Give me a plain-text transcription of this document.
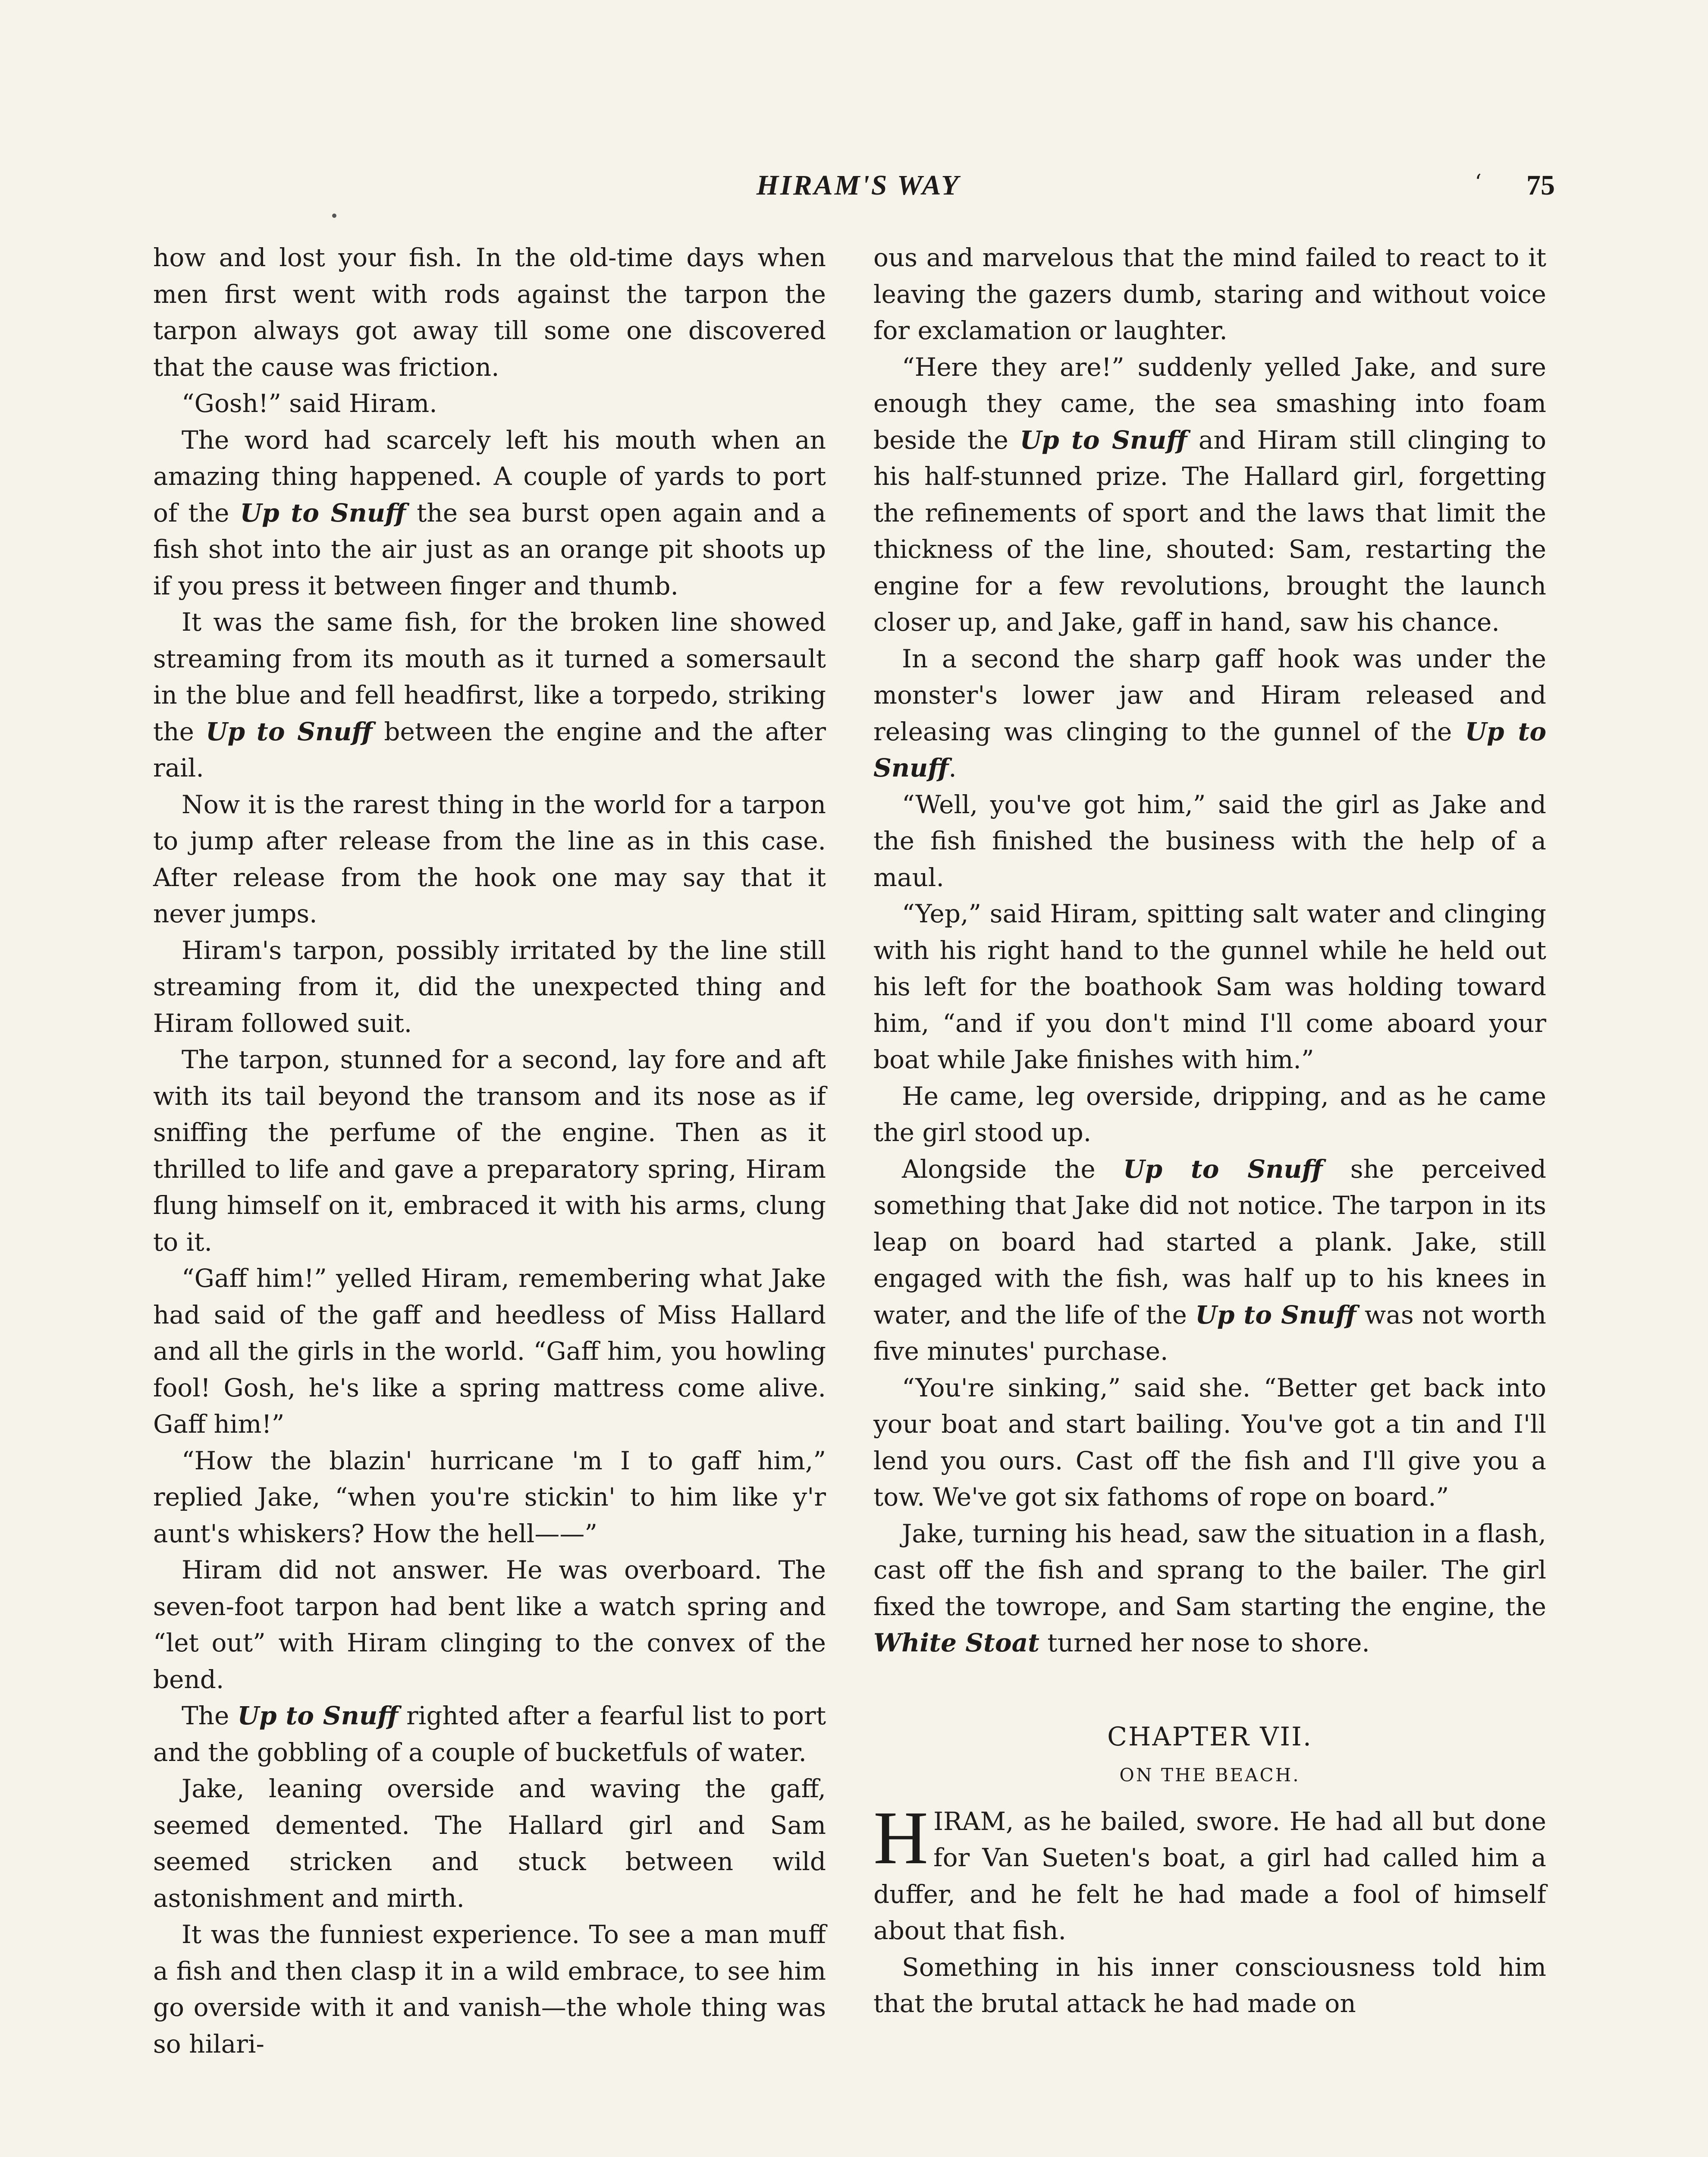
HIRAM'S WAY	‘ 75

how and lost your fish. In the old-time days when men first went with rods against the tarpon the tarpon always got away till some one discovered that the cause was friction.

“Gosh!” said Hiram.

The word had scarcely left his mouth when an amazing thing happened. A couple of yards to port of the Up to Snuff the sea burst open again and a fish shot into the air just as an orange pit shoots up if you press it between finger and thumb.

It was the same fish, for the broken line showed streaming from its mouth as it turned a somersault in the blue and fell headfirst, like a torpedo, striking the Up to Snuff between the engine and the after rail.

Now it is the rarest thing in the world for a tarpon to jump after release from the line as in this case. After release from the hook one may say that it never jumps.

Hiram's tarpon, possibly irritated by the line still streaming from it, did the unexpected thing and Hiram followed suit.

The tarpon, stunned for a second, lay fore and aft with its tail beyond the transom and its nose as if sniffing the perfume of the engine. Then as it thrilled to life and gave a preparatory spring, Hiram flung himself on it, embraced it with his arms, clung to it.

“Gaff him!” yelled Hiram, remembering what Jake had said of the gaff and heedless of Miss Hallard and all the girls in the world. “Gaff him, you howling fool! Gosh, he's like a spring mattress come alive. Gaff him!”

“How the blazin' hurricane 'm I to gaff him,” replied Jake, “when you're stickin' to him like y'r aunt's whiskers? How the hell——”

Hiram did not answer. He was overboard. The seven-foot tarpon had bent like a watch spring and “let out” with Hiram clinging to the convex of the bend.

The Up to Snuff righted after a fearful list to port and the gobbling of a couple of bucketfuls of water.

Jake, leaning overside and waving the gaff, seemed demented. The Hallard girl and Sam seemed stricken and stuck between wild astonishment and mirth.

It was the funniest experience. To see a man muff a fish and then clasp it in a wild embrace, to see him go overside with it and vanish—the whole thing was so hilari-

ous and marvelous that the mind failed to react to it leaving the gazers dumb, staring and without voice for exclamation or laughter.

“Here they are!” suddenly yelled Jake, and sure enough they came, the sea smashing into foam beside the Up to Snuff and Hiram still clinging to his half-stunned prize. The Hallard girl, forgetting the refinements of sport and the laws that limit the thickness of the line, shouted: Sam, restarting the engine for a few revolutions, brought the launch closer up, and Jake, gaff in hand, saw his chance.

In a second the sharp gaff hook was under the monster's lower jaw and Hiram released and releasing was clinging to the gunnel of the Up to Snuff.

“Well, you've got him,” said the girl as Jake and the fish finished the business with the help of a maul.

“Yep,” said Hiram, spitting salt water and clinging with his right hand to the gunnel while he held out his left for the boathook Sam was holding toward him, “and if you don't mind I'll come aboard your boat while Jake finishes with him.”

He came, leg overside, dripping, and as he came the girl stood up.

Alongside the Up to Snuff she perceived something that Jake did not notice. The tarpon in its leap on board had started a plank. Jake, still engaged with the fish, was half up to his knees in water, and the life of the Up to Snuff was not worth five minutes' purchase.

“You're sinking,” said she. “Better get back into your boat and start bailing. You've got a tin and I'll lend you ours. Cast off the fish and I'll give you a tow. We've got six fathoms of rope on board.”

Jake, turning his head, saw the situation in a flash, cast off the fish and sprang to the bailer. The girl fixed the towrope, and Sam starting the engine, the White Stoat turned her nose to shore.

CHAPTER VII.
ON THE BEACH.

HIRAM, as he bailed, swore. He had all but done for Van Sueten's boat, a girl had called him a duffer, and he felt he had made a fool of himself about that fish.

Something in his inner consciousness told him that the brutal attack he had made on
